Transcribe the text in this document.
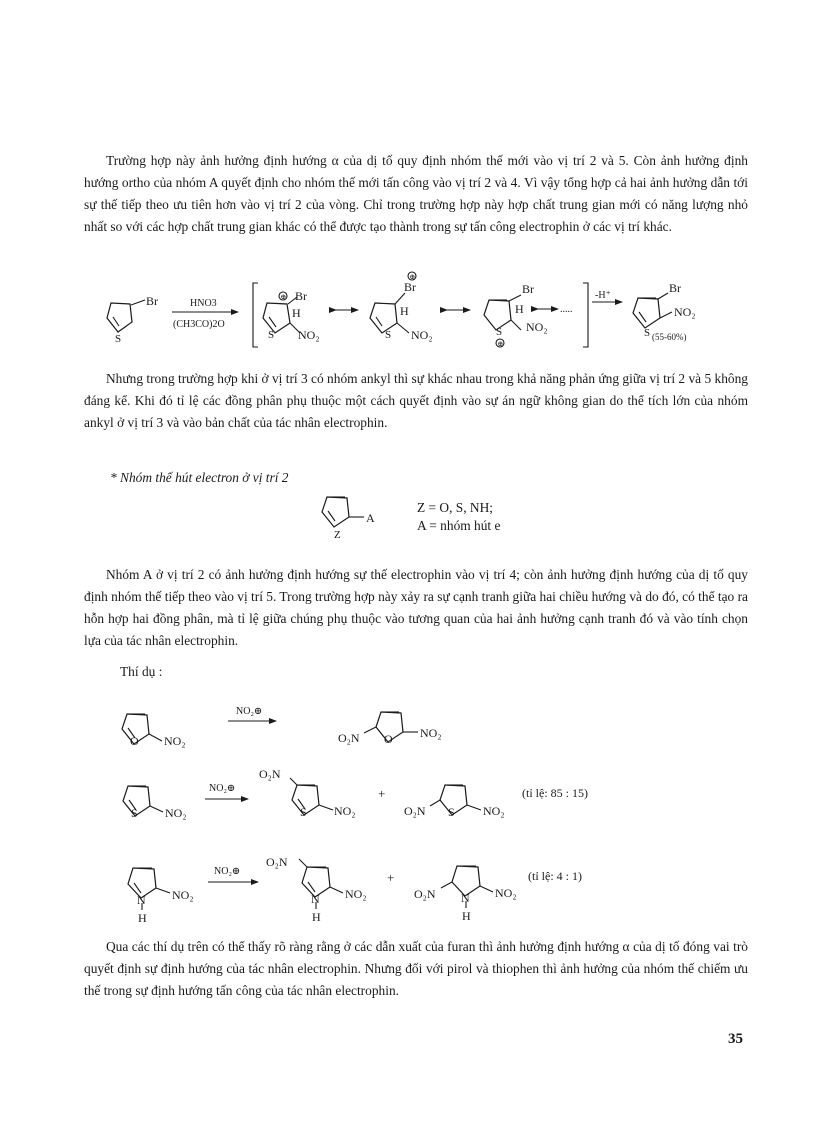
Trường hợp này ảnh hưởng định hướng α của dị tố quy định nhóm thế mới vào vị trí 2 và 5. Còn ảnh hưởng định hướng ortho của nhóm A quyết định cho nhóm thế mới tấn công vào vị trí 2 và 4. Vì vậy tổng hợp cả hai ảnh hưởng dẫn tới sự thế tiếp theo ưu tiên hơn vào vị trí 2 của vòng. Chỉ trong trường hợp này hợp chất trung gian mới có năng lượng nhỏ nhất so với các hợp chất trung gian khác có thể được tạo thành trong sự tấn công electrophin ở các vị trí khác.

Nhưng trong trường hợp khi ở vị trí 3 có nhóm ankyl thì sự khác nhau trong khả năng phản ứng giữa vị trí 2 và 5 không đáng kể. Khi đó tỉ lệ các đồng phân phụ thuộc một cách quyết định vào sự án ngữ không gian do thể tích lớn của nhóm ankyl ở vị trí 3 và vào bản chất của tác nhân electrophin.

* Nhóm thế hút electron ở vị trí 2

Z = O, S, NH;
A = nhóm hút e

Nhóm A ở vị trí 2 có ảnh hưởng định hướng sự thế electrophin vào vị trí 4; còn ảnh hưởng định hướng của dị tố quy định nhóm thế tiếp theo vào vị trí 5. Trong trường hợp này xảy ra sự cạnh tranh giữa hai chiều hướng và do đó, có thể tạo ra hỗn hợp hai đồng phân, mà tỉ lệ giữa chúng phụ thuộc vào tương quan của hai ảnh hưởng cạnh tranh đó và vào tính chọn lựa của tác nhân electrophin.

Thí dụ :

Qua các thí dụ trên có thể thấy rõ ràng rằng ở các dẫn xuất của furan thì ảnh hưởng định hướng α của dị tố đóng vai trò quyết định sự định hướng của tác nhân electrophin. Nhưng đối với pirol và thiophen thì ảnh hưởng của nhóm thế chiếm ưu thế trong sự định hướng tấn công của tác nhân electrophin.

35
Br
S
HNO3
(CH3CO)2O
⊕ Br
H
S NO₂
⊕
Br
H
S NO₂
Br
H
S
⊕
NO₂
.....
-H⁺
Br
S
NO₂
(55-60%)
Z
A
O NO₂
NO₂⊕
O
O₂N	NO₂
S NO₂
NO₂⊕
S
O₂N
NO₂
+
S
O₂N	NO₂
(tỉ lệ: 85 : 15)
N
H
NO₂
NO₂⊕
N
H
O₂N
NO₂
+
N
H
O₂N	NO₂
(tỉ lệ: 4 : 1)
